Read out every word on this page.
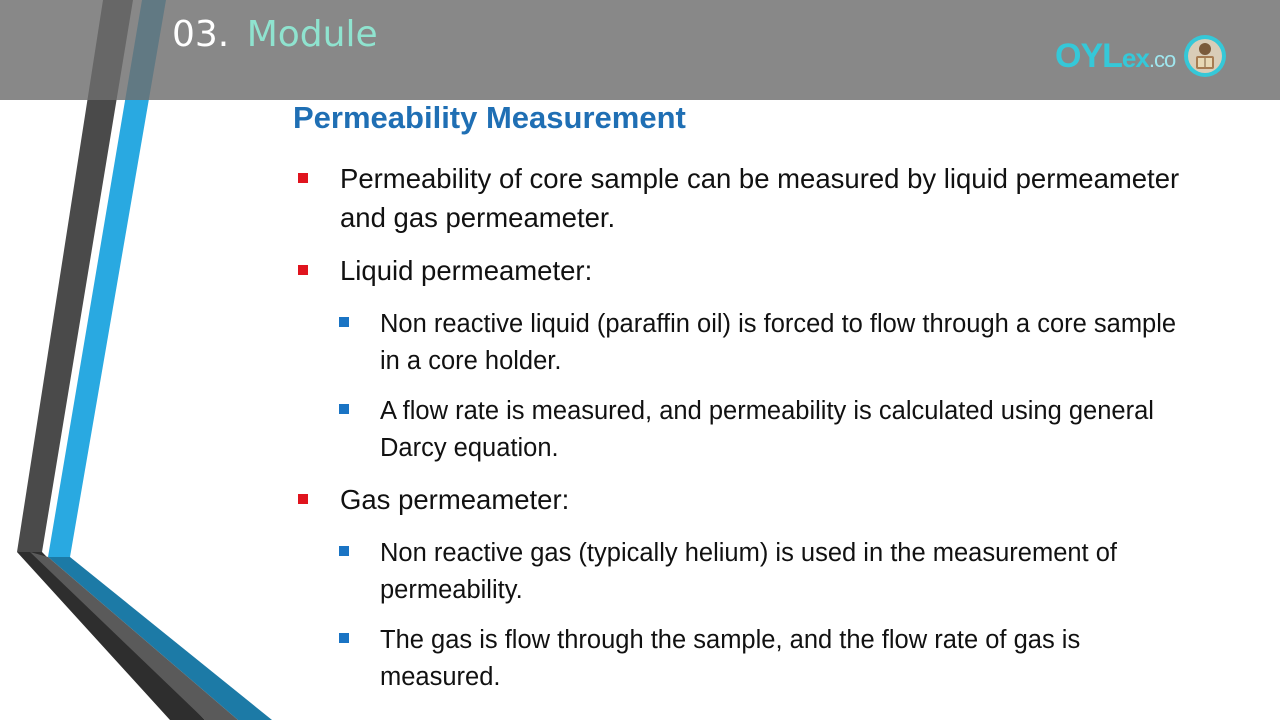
03. Module
OYLex.co
Permeability Measurement
Permeability of core sample can be measured by liquid permeameter and gas permeameter.
Liquid permeameter:
Non reactive liquid (paraffin oil) is forced to flow through a core sample in a core holder.
A flow rate is measured, and permeability is calculated using general Darcy equation.
Gas permeameter:
Non reactive gas (typically helium) is used in the measurement of permeability.
The gas is flow through the sample, and the flow rate of gas is measured.
